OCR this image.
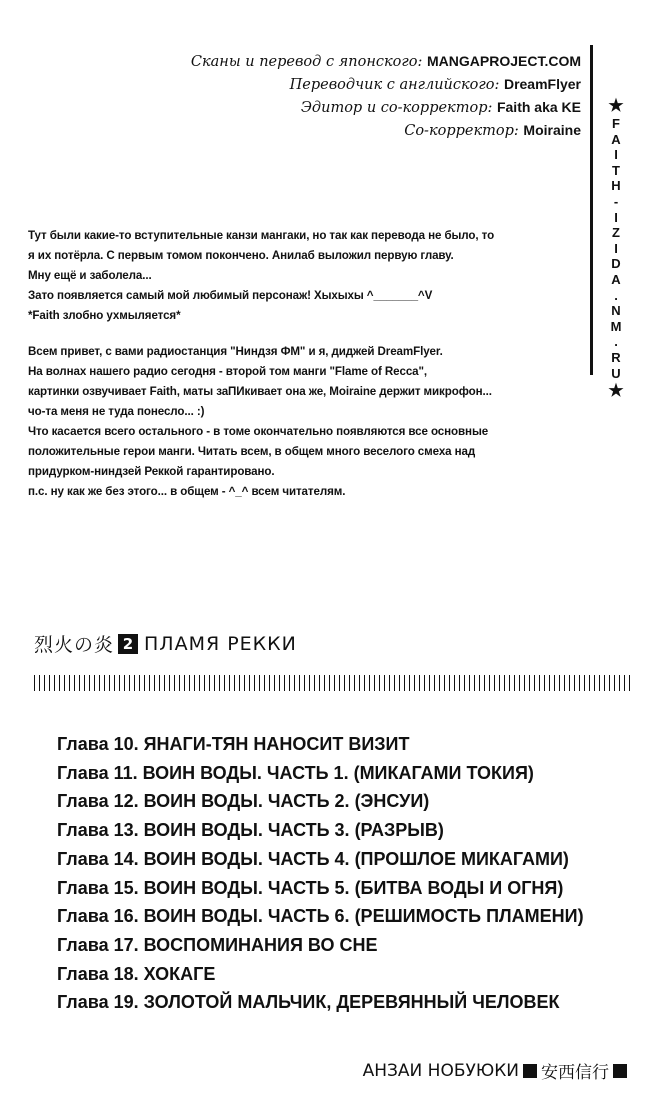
Сканы и перевод с японского: MANGAPROJECT.COM
Переводчик с английского: DreamFlyer
Эдитор и со-корректор: Faith aka KE
Со-корректор: Moiraine
★
F
A
I
T
H
-
I
Z
I
D
A
.
N
M
.
R
U
★

Тут были какие-то вступительные канзи мангаки, но так как перевода не было, то

я их потёрла. С первым томом покончено. Анилаб выложил первую главу.

Мну ещё и заболела...

Зато появляется самый мой любимый персонаж! Хыхыхы ^_______^V

*Faith злобно ухмыляется*

Всем привет, с вами радиостанция "Ниндзя ФМ" и я, диджей DreamFlyer.

На волнах нашего радио сегодня - второй том манги "Flame of Recca",

картинки озвучивает Faith, маты заПИкивает она же, Moiraine держит микрофон...

чо-та меня не туда понесло... :)

Что касается всего остального - в томе окончательно появляются все основные

положительные герои манги. Читать всем, в общем много веселого смеха над

придурком-ниндзей Реккой гарантировано.

п.с. ну как же без этого... в общем - ^_^ всем читателям.

烈火の炎 2 ПЛАМЯ РЕККИ
Глава 10. ЯНАГИ-ТЯН НАНОСИТ ВИЗИТ
Глава 11. ВОИН ВОДЫ. ЧАСТЬ 1. (МИКАГАМИ ТОКИЯ)
Глава 12. ВОИН ВОДЫ. ЧАСТЬ 2. (ЭНСУИ)
Глава 13. ВОИН ВОДЫ. ЧАСТЬ 3. (РАЗРЫВ)
Глава 14. ВОИН ВОДЫ. ЧАСТЬ 4. (ПРОШЛОЕ МИКАГАМИ)
Глава 15. ВОИН ВОДЫ. ЧАСТЬ 5. (БИТВА ВОДЫ И ОГНЯ)
Глава 16. ВОИН ВОДЫ. ЧАСТЬ 6. (РЕШИМОСТЬ ПЛАМЕНИ)
Глава 17. ВОСПОМИНАНИЯ ВО СНЕ
Глава 18. ХОКАГЕ
Глава 19. ЗОЛОТОЙ МАЛЬЧИК, ДЕРЕВЯННЫЙ ЧЕЛОВЕК
АНЗАИ НОБУЮКИ 安西信行
